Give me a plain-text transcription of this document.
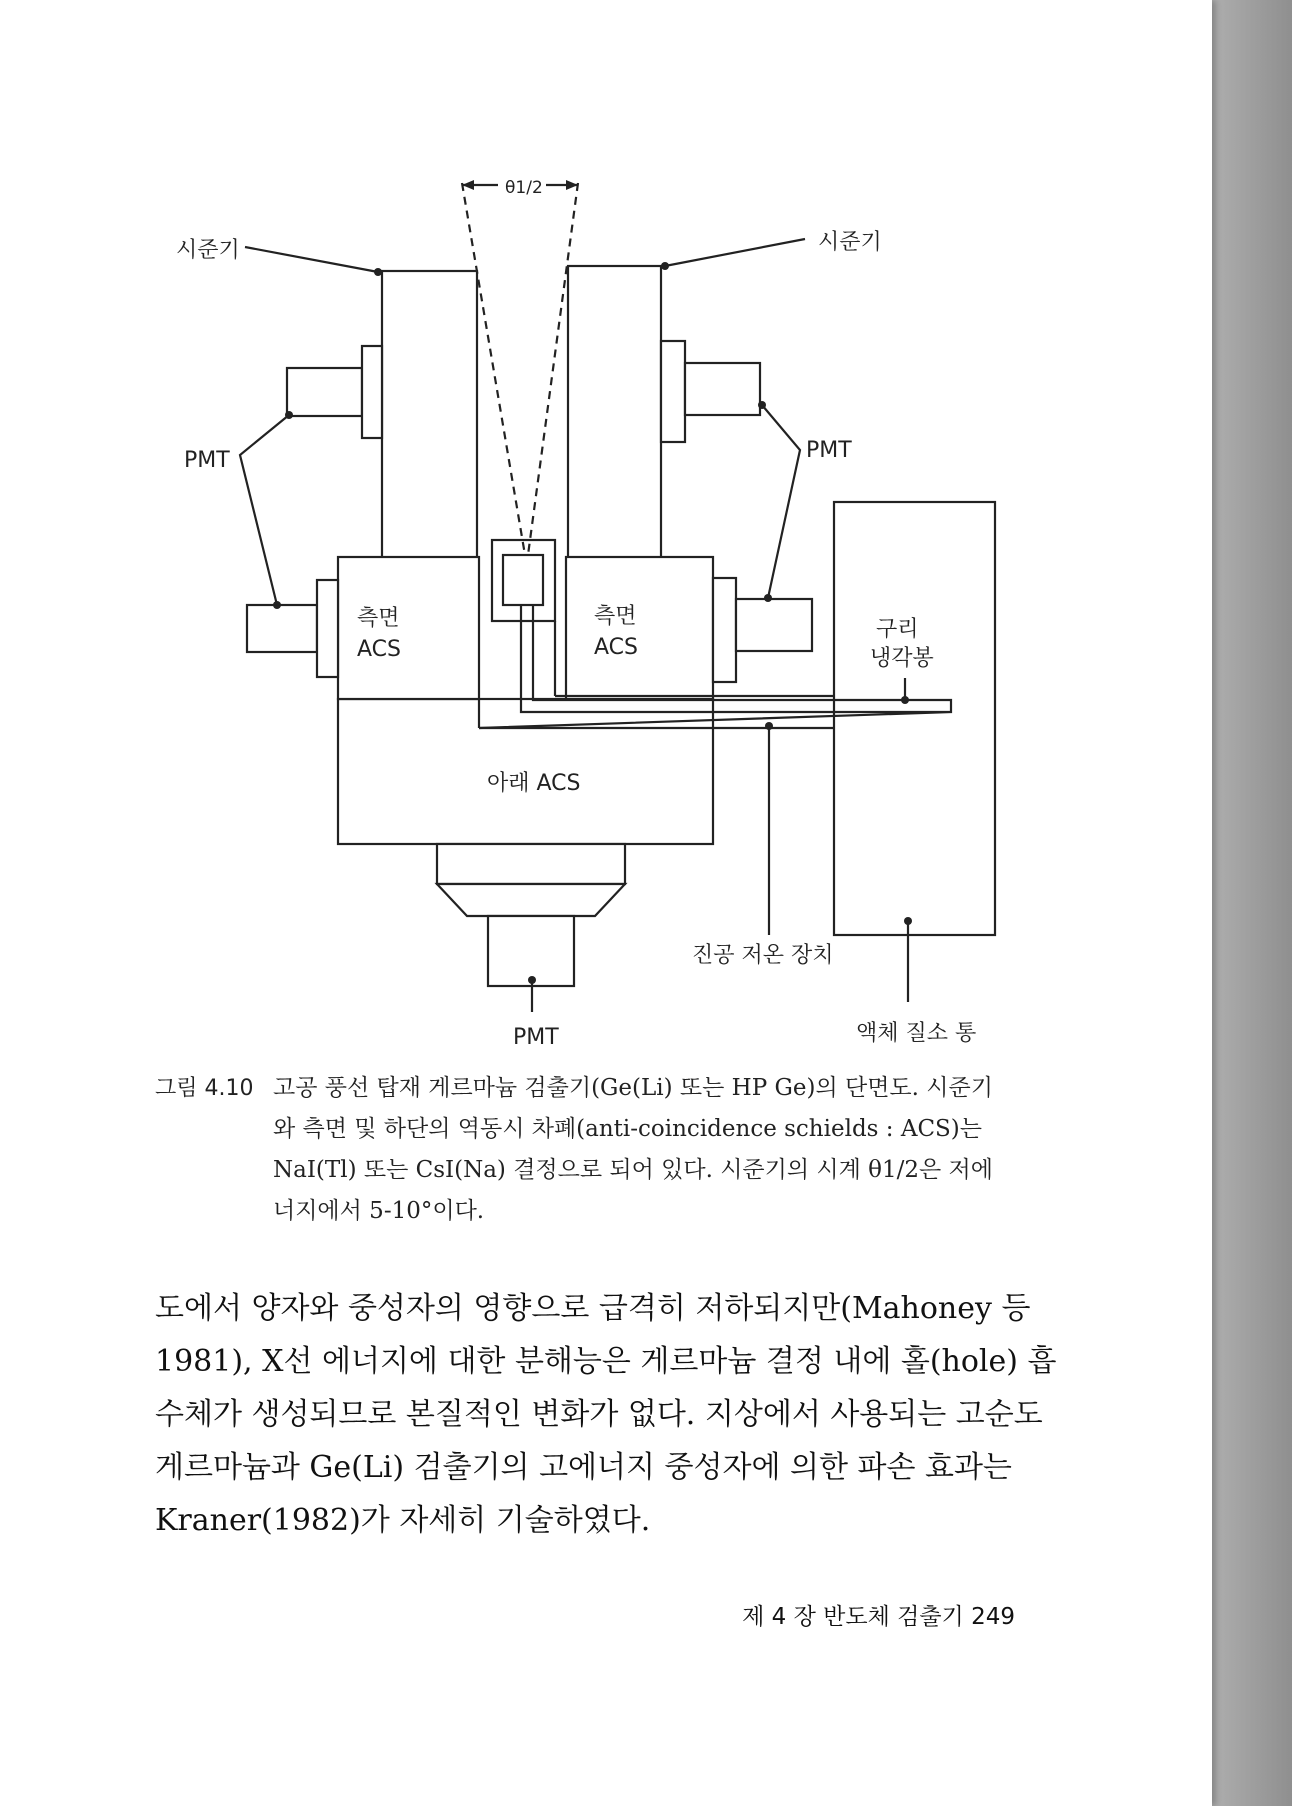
θ1/2
시준기	시준기
PMT	PMT
측면
ACS
측면
ACS
구리
냉각봉
아래 ACS
진공 저온 장치
PMT	액체 질소 통
그림 4.10 고공 풍선 탑재 게르마늄 검출기(Ge(Li) 또는 HP Ge)의 단면도. 시준기
와 측면 및 하단의 역동시 차폐(anti-coincidence schields : ACS)는
NaI(Tl) 또는 CsI(Na) 결정으로 되어 있다. 시준기의 시계 θ1/2은 저에
너지에서 5-10°이다.
도에서 양자와 중성자의 영향으로 급격히 저하되지만(Mahoney 등
1981), X선 에너지에 대한 분해능은 게르마늄 결정 내에 홀(hole) 흡
수체가 생성되므로 본질적인 변화가 없다. 지상에서 사용되는 고순도
게르마늄과 Ge(Li) 검출기의 고에너지 중성자에 의한 파손 효과는
Kraner(1982)가 자세히 기술하였다.
제 4 장 반도체 검출기 249
